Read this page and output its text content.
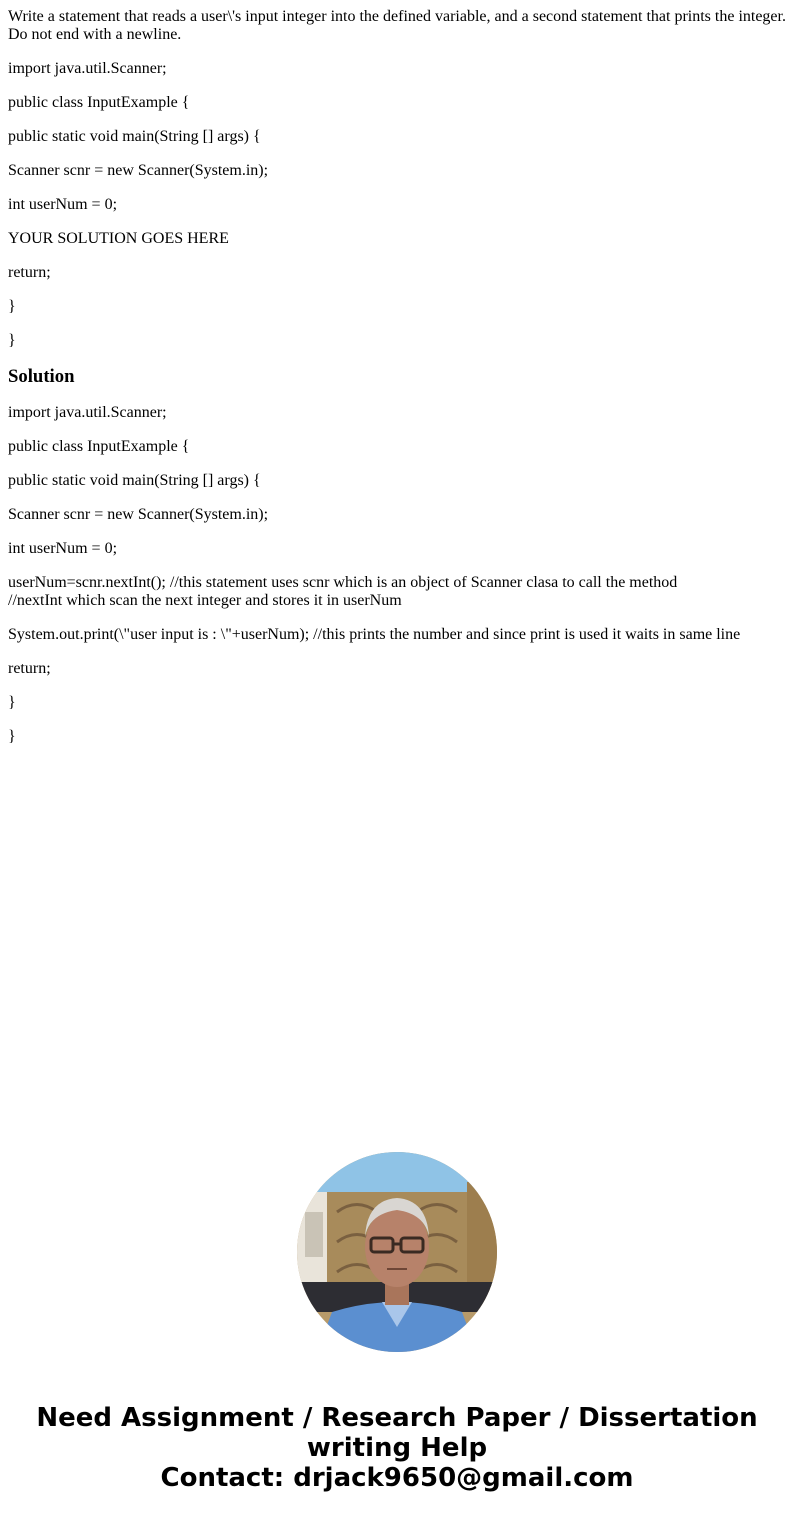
Write a statement that reads a user\'s input integer into the defined variable, and a second statement that prints the integer. Do not end with a newline.

import java.util.Scanner;

public class InputExample {

public static void main(String [] args) {

Scanner scnr = new Scanner(System.in);

int userNum = 0;

YOUR SOLUTION GOES HERE

return;

}

}

Solution

import java.util.Scanner;

public class InputExample {

public static void main(String [] args) {

Scanner scnr = new Scanner(System.in);

int userNum = 0;

userNum=scnr.nextInt(); //this statement uses scnr which is an object of Scanner clasa to call the method
//nextInt which scan the next integer and stores it in userNum

System.out.print(\"user input is : \"+userNum); //this prints the number and since print is used it waits in same line

return;

}

}

Need Assignment / Research Paper / Dissertation
writing Help
Contact: drjack9650@gmail.com
